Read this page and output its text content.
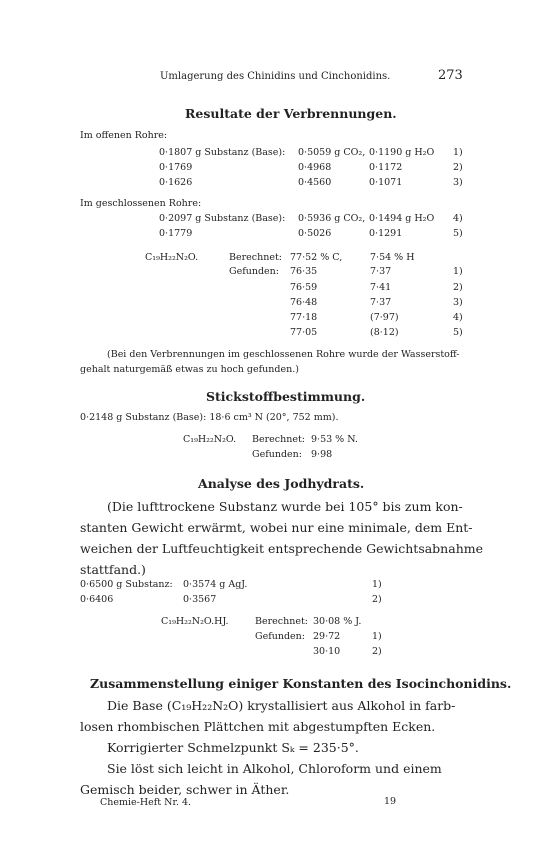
Umlagerung des Chinidins und Cinchonidins.	273
Resultate der Verbrennungen.
Im offenen Rohre:
0·1807 g Substanz (Base): 0·5059 g CO₂, 0·1190 g H₂O 1)
0·1769	0·4968	0·1172	2)
0·1626	0·4560	0·1071	3)
Im geschlossenen Rohre:
0·2097 g Substanz (Base): 0·5936 g CO₂, 0·1494 g H₂O 4)
0·1779	0·5026	0·1291	5)
C₁₉H₂₂N₂O.	Berechnet: 77·52 % C,	7·54 % H
Gefunden: 76·35	7·37	1)
76·59	7·41	2)
76·48	7·37	3)
77·18	(7·97)	4)
77·05	(8·12)	5)
(Bei den Verbrennungen im geschlossenen Rohre wurde der Wasserstoff-
gehalt naturgemäß etwas zu hoch gefunden.)
Stickstoffbestimmung.
0·2148 g Substanz (Base): 18·6 cm³ N (20°, 752 mm).
C₁₉H₂₂N₂O. Berechnet: 9·53 % N.
Gefunden: 9·98
Analyse des Jodhydrats.
(Die lufttrockene Substanz wurde bei 105° bis zum kon-
stanten Gewicht erwärmt, wobei nur eine minimale, dem Ent-
weichen der Luftfeuchtigkeit entsprechende Gewichtsabnahme
stattfand.)
0·6500 g Substanz: 0·3574 g AgJ.	1)
0·6406	0·3567	2)
C₁₉H₂₂N₂O.HJ.	Berechnet: 30·08 % J.
Gefunden: 29·72	1)
30·10	2)
Zusammenstellung einiger Konstanten des Isocinchonidins.
Die Base (C₁₉H₂₂N₂O) krystallisiert aus Alkohol in farb-
losen rhombischen Plättchen mit abgestumpften Ecken.
Korrigierter Schmelzpunkt Sₖ = 235·5°.
Sie löst sich leicht in Alkohol, Chloroform und einem
Gemisch beider, schwer in Äther.
Chemie-Heft Nr. 4.	19
